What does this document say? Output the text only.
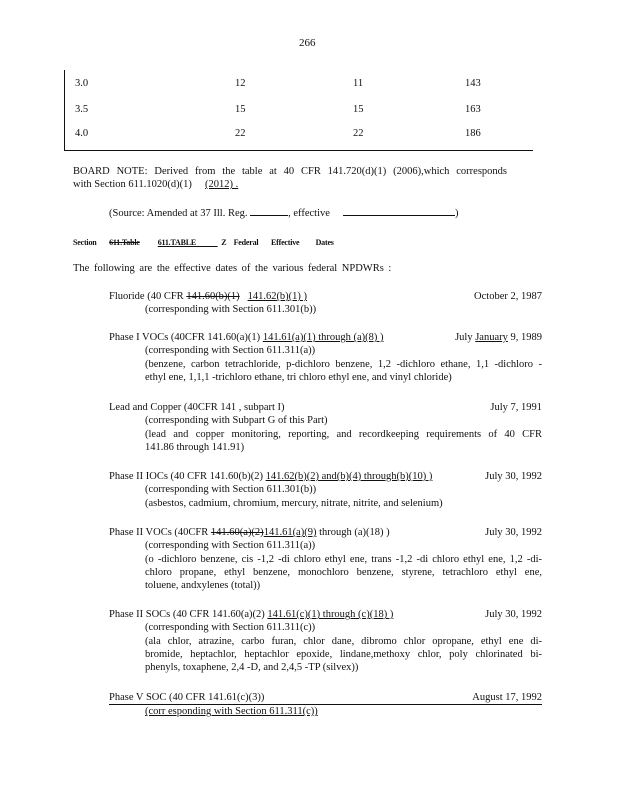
266
3.0	12	11	143
3.5	15	15	163
4.0	22	22	186
BOARD NOTE: Derived from the table at 40 CFR 141.720(d)(1) (2006),which corresponds
with Section 611.1020(d)(1) (2012) .
(Source: Amended at 37 Ill. Reg.	, effective	)
Section 611.Table 611.TABLE	Z Federal Effective Dates
The following are the effective dates of the various federal NPDWRs :
Fluoride (40 CFR 141.60(b)(1) 141.62(b)(1) )	October 2, 1987
(corresponding with Section 611.301(b))
Phase I VOCs (40CFR 141.60(a)(1) 141.61(a)(1) through (a)(8) )	July January 9, 1989
(corresponding with Section 611.311(a))
(benzene, carbon tetrachloride, p-dichloro benzene, 1,2 -dichloro ethane, 1,1 -dichloro -
ethyl ene, 1,1,1 -trichloro ethane, tri chloro ethyl ene, and vinyl chloride)
Lead and Copper (40CFR 141 , subpart I)	July 7, 1991
(corresponding with Subpart G of this Part)
(lead and copper monitoring, reporting, and recordkeeping requirements of 40 CFR
141.86 through 141.91)
Phase II IOCs (40 CFR 141.60(b)(2) 141.62(b)(2) and(b)(4) through(b)(10) )	July 30, 1992
(corresponding with Section 611.301(b))
(asbestos, cadmium, chromium, mercury, nitrate, nitrite, and selenium)
Phase II VOCs (40CFR 141.60(a)(2)141.61(a)(9) through (a)(18) )	July 30, 1992
(corresponding with Section 611.311(a))
(o -dichloro benzene, cis -1,2 -di chloro ethyl ene, trans -1,2 -di chloro ethyl ene, 1,2 -di-
chloro propane, ethyl benzene, monochloro benzene, styrene, tetrachloro ethyl ene,
toluene, andxylenes (total))
Phase II SOCs (40 CFR 141.60(a)(2) 141.61(c)(1) through (c)(18) )	July 30, 1992
(corresponding with Section 611.311(c))
(ala chlor, atrazine, carbo furan, chlor dane, dibromo chlor opropane, ethyl ene di-
bromide, heptachlor, heptachlor epoxide, lindane,methoxy chlor, poly chlorinated bi-
phenyls, toxaphene, 2,4 -D, and 2,4,5 -TP (silvex))
Phase V SOC (40 CFR 141.61(c)(3))	August 17, 1992
(corr esponding with Section 611.311(c))
